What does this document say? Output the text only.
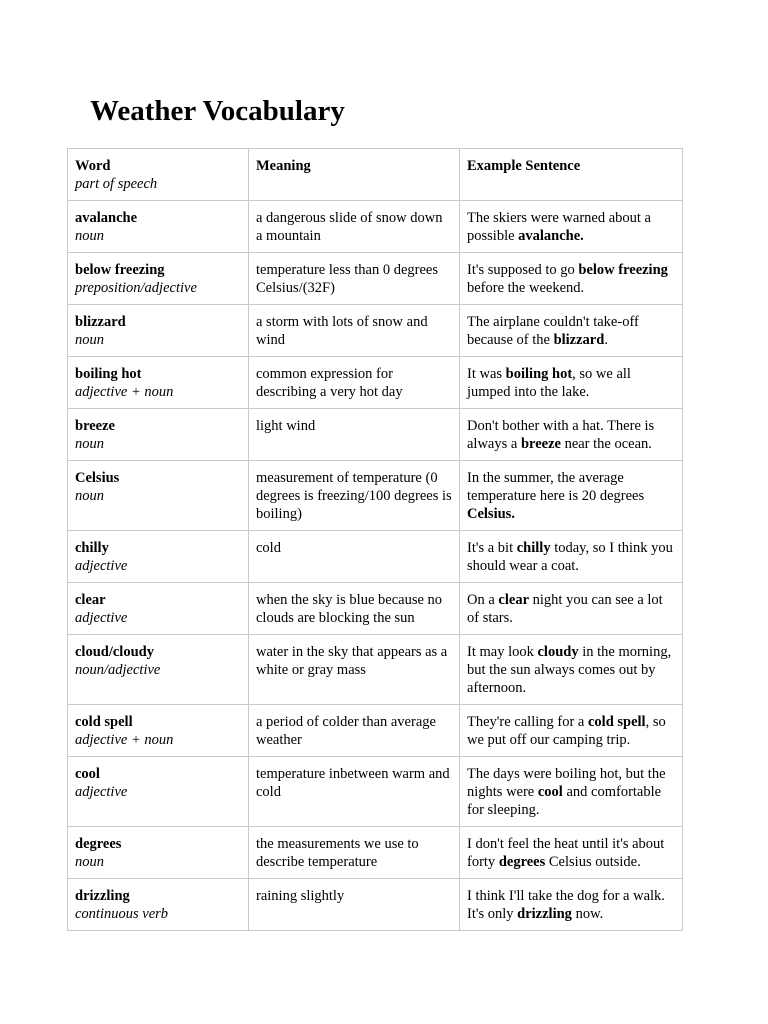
Weather Vocabulary
Word
part of speech	Meaning	Example Sentence

avalanche
noun	a dangerous slide of snow down a mountain	The skiers were warned about a possible avalanche.

below freezing
preposition/adjective	temperature less than 0 degrees Celsius/(32F)	It's supposed to go below freezing before the weekend.

blizzard
noun	a storm with lots of snow and wind	The airplane couldn't take-off because of the blizzard.

boiling hot
adjective + noun	common expression for describing a very hot day	It was boiling hot, so we all jumped into the lake.

breeze
noun	light wind	Don't bother with a hat. There is always a breeze near the ocean.

Celsius
noun	measurement of temperature (0 degrees is freezing/100 degrees is boiling)	In the summer, the average temperature here is 20 degrees Celsius.

chilly
adjective	cold	It's a bit chilly today, so I think you should wear a coat.

clear
adjective	when the sky is blue because no clouds are blocking the sun	On a clear night you can see a lot of stars.

cloud/cloudy
noun/adjective	water in the sky that appears as a white or gray mass	It may look cloudy in the morning, but the sun always comes out by afternoon.

cold spell
adjective + noun	a period of colder than average weather	They're calling for a cold spell, so we put off our camping trip.

cool
adjective	temperature inbetween warm and cold	The days were boiling hot, but the nights were cool and comfortable for sleeping.

degrees
noun	the measurements we use to describe temperature	I don't feel the heat until it's about forty degrees Celsius outside.

drizzling
continuous verb	raining slightly	I think I'll take the dog for a walk. It's only drizzling now.
